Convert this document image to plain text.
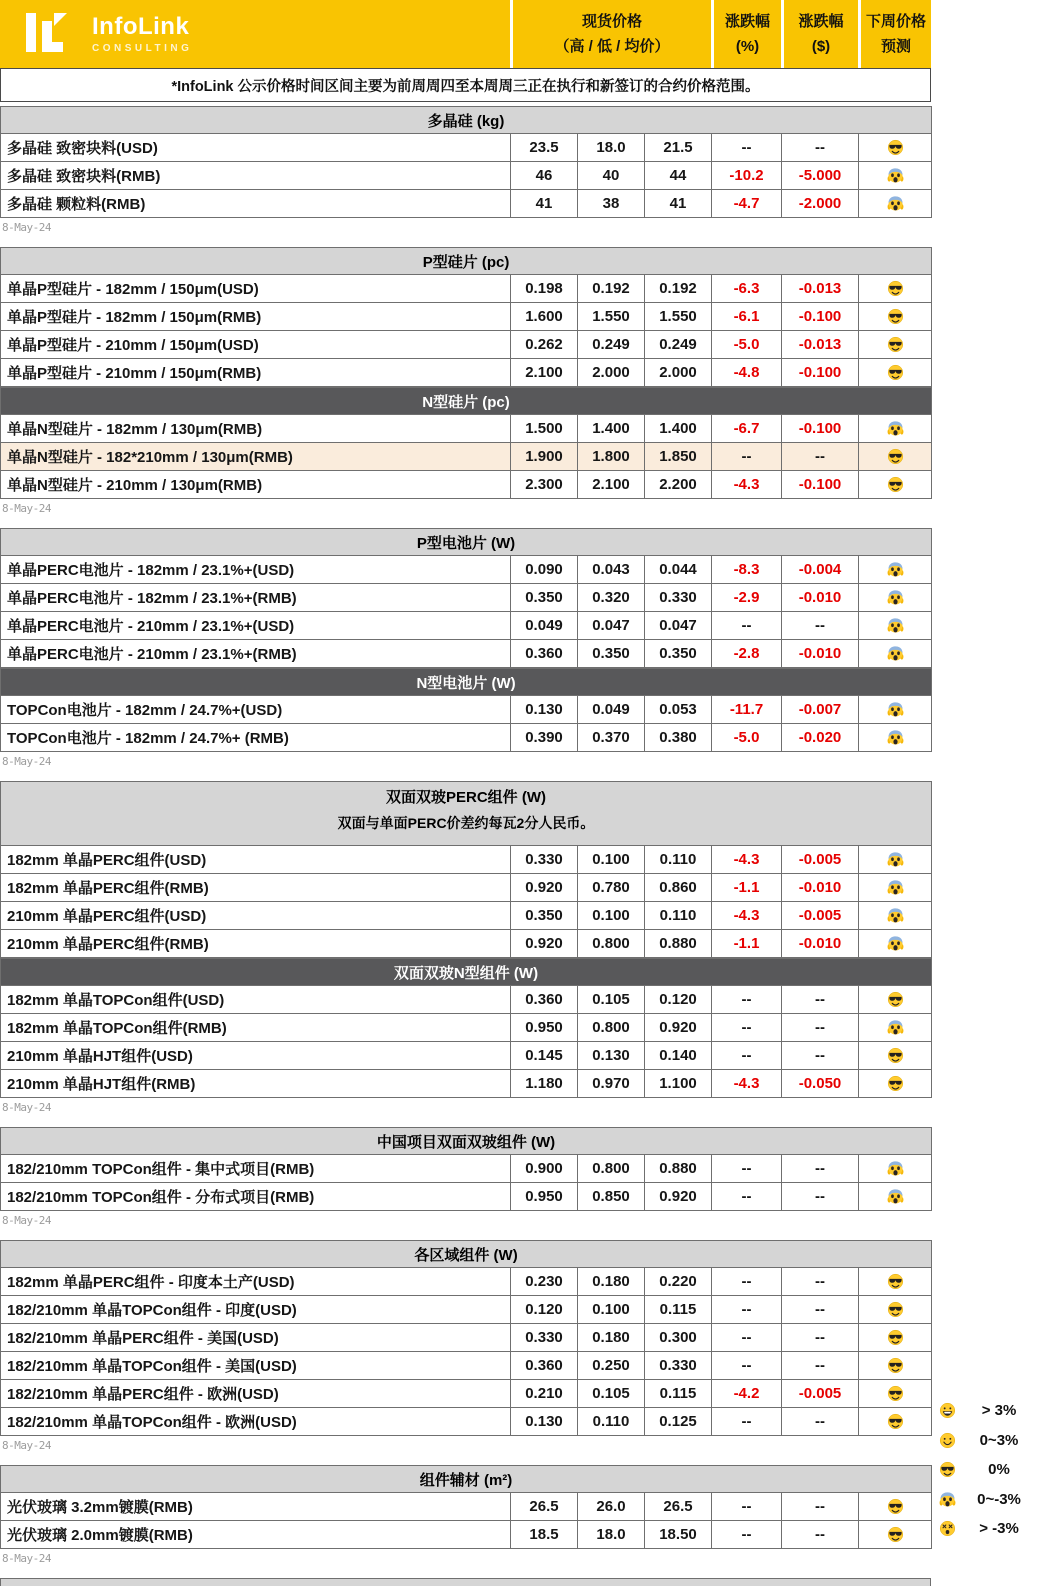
InfoLink
CONSULTING
现货价格
（高 / 低 / 均价）
涨跌幅
(%)
涨跌幅
($)
下周价格
预测
*InfoLink 公示价格时间区间主要为前周周四至本周周三正在执行和新签订的合约价格范围。
多晶硅 (kg)						

多晶硅 致密块料(USD)	23.5	18.0	21.5	--	--	
多晶硅 致密块料(RMB)	46	40	44	-10.2	-5.000	
多晶硅 颗粒料(RMB)	41	38	41	-4.7	-2.000	
8-May-24
P型硅片 (pc)						

单晶P型硅片 - 182mm / 150μm(USD)	0.198	0.192	0.192	-6.3	-0.013	
单晶P型硅片 - 182mm / 150μm(RMB)	1.600	1.550	1.550	-6.1	-0.100	
单晶P型硅片 - 210mm / 150μm(USD)	0.262	0.249	0.249	-5.0	-0.013	
单晶P型硅片 - 210mm / 150μm(RMB)	2.100	2.000	2.000	-4.8	-0.100	
N型硅片 (pc)						

单晶N型硅片 - 182mm / 130μm(RMB)	1.500	1.400	1.400	-6.7	-0.100	
单晶N型硅片 - 182*210mm / 130μm(RMB)	1.900	1.800	1.850	--	--	
单晶N型硅片 - 210mm / 130μm(RMB)	2.300	2.100	2.200	-4.3	-0.100	
8-May-24
P型电池片 (W)						

单晶PERC电池片 - 182mm / 23.1%+(USD)	0.090	0.043	0.044	-8.3	-0.004	
单晶PERC电池片 - 182mm / 23.1%+(RMB)	0.350	0.320	0.330	-2.9	-0.010	
单晶PERC电池片 - 210mm / 23.1%+(USD)	0.049	0.047	0.047	--	--	
单晶PERC电池片 - 210mm / 23.1%+(RMB)	0.360	0.350	0.350	-2.8	-0.010	
N型电池片 (W)						

TOPCon电池片 - 182mm / 24.7%+(USD)	0.130	0.049	0.053	-11.7	-0.007	
TOPCon电池片 - 182mm / 24.7%+ (RMB)	0.390	0.370	0.380	-5.0	-0.020	
8-May-24
双面双玻PERC组件 (W)
双面与单面PERC价差约每瓦2分人民币。						

182mm 单晶PERC组件(USD)	0.330	0.100	0.110	-4.3	-0.005	
182mm 单晶PERC组件(RMB)	0.920	0.780	0.860	-1.1	-0.010	
210mm 单晶PERC组件(USD)	0.350	0.100	0.110	-4.3	-0.005	
210mm 单晶PERC组件(RMB)	0.920	0.800	0.880	-1.1	-0.010	
双面双玻N型组件 (W)						

182mm 单晶TOPCon组件(USD)	0.360	0.105	0.120	--	--	
182mm 单晶TOPCon组件(RMB)	0.950	0.800	0.920	--	--	
210mm 单晶HJT组件(USD)	0.145	0.130	0.140	--	--	
210mm 单晶HJT组件(RMB)	1.180	0.970	1.100	-4.3	-0.050	
8-May-24
中国项目双面双玻组件 (W)						

182/210mm TOPCon组件 - 集中式项目(RMB)	0.900	0.800	0.880	--	--	
182/210mm TOPCon组件 - 分布式项目(RMB)	0.950	0.850	0.920	--	--	
8-May-24
各区域组件 (W)						

182mm 单晶PERC组件 - 印度本土产(USD)	0.230	0.180	0.220	--	--	
182/210mm 单晶TOPCon组件 - 印度(USD)	0.120	0.100	0.115	--	--	
182/210mm 单晶PERC组件 - 美国(USD)	0.330	0.180	0.300	--	--	
182/210mm 单晶TOPCon组件 - 美国(USD)	0.360	0.250	0.330	--	--	
182/210mm 单晶PERC组件 - 欧洲(USD)	0.210	0.105	0.115	-4.2	-0.005	
182/210mm 单晶TOPCon组件 - 欧洲(USD)	0.130	0.110	0.125	--	--	
8-May-24
组件辅材 (m²)						

光伏玻璃 3.2mm镀膜(RMB)	26.5	26.0	26.5	--	--	
光伏玻璃 2.0mm镀膜(RMB)	18.5	18.0	18.50	--	--	
8-May-24
> 3%
0~3%
0%
0~-3%
> -3%
